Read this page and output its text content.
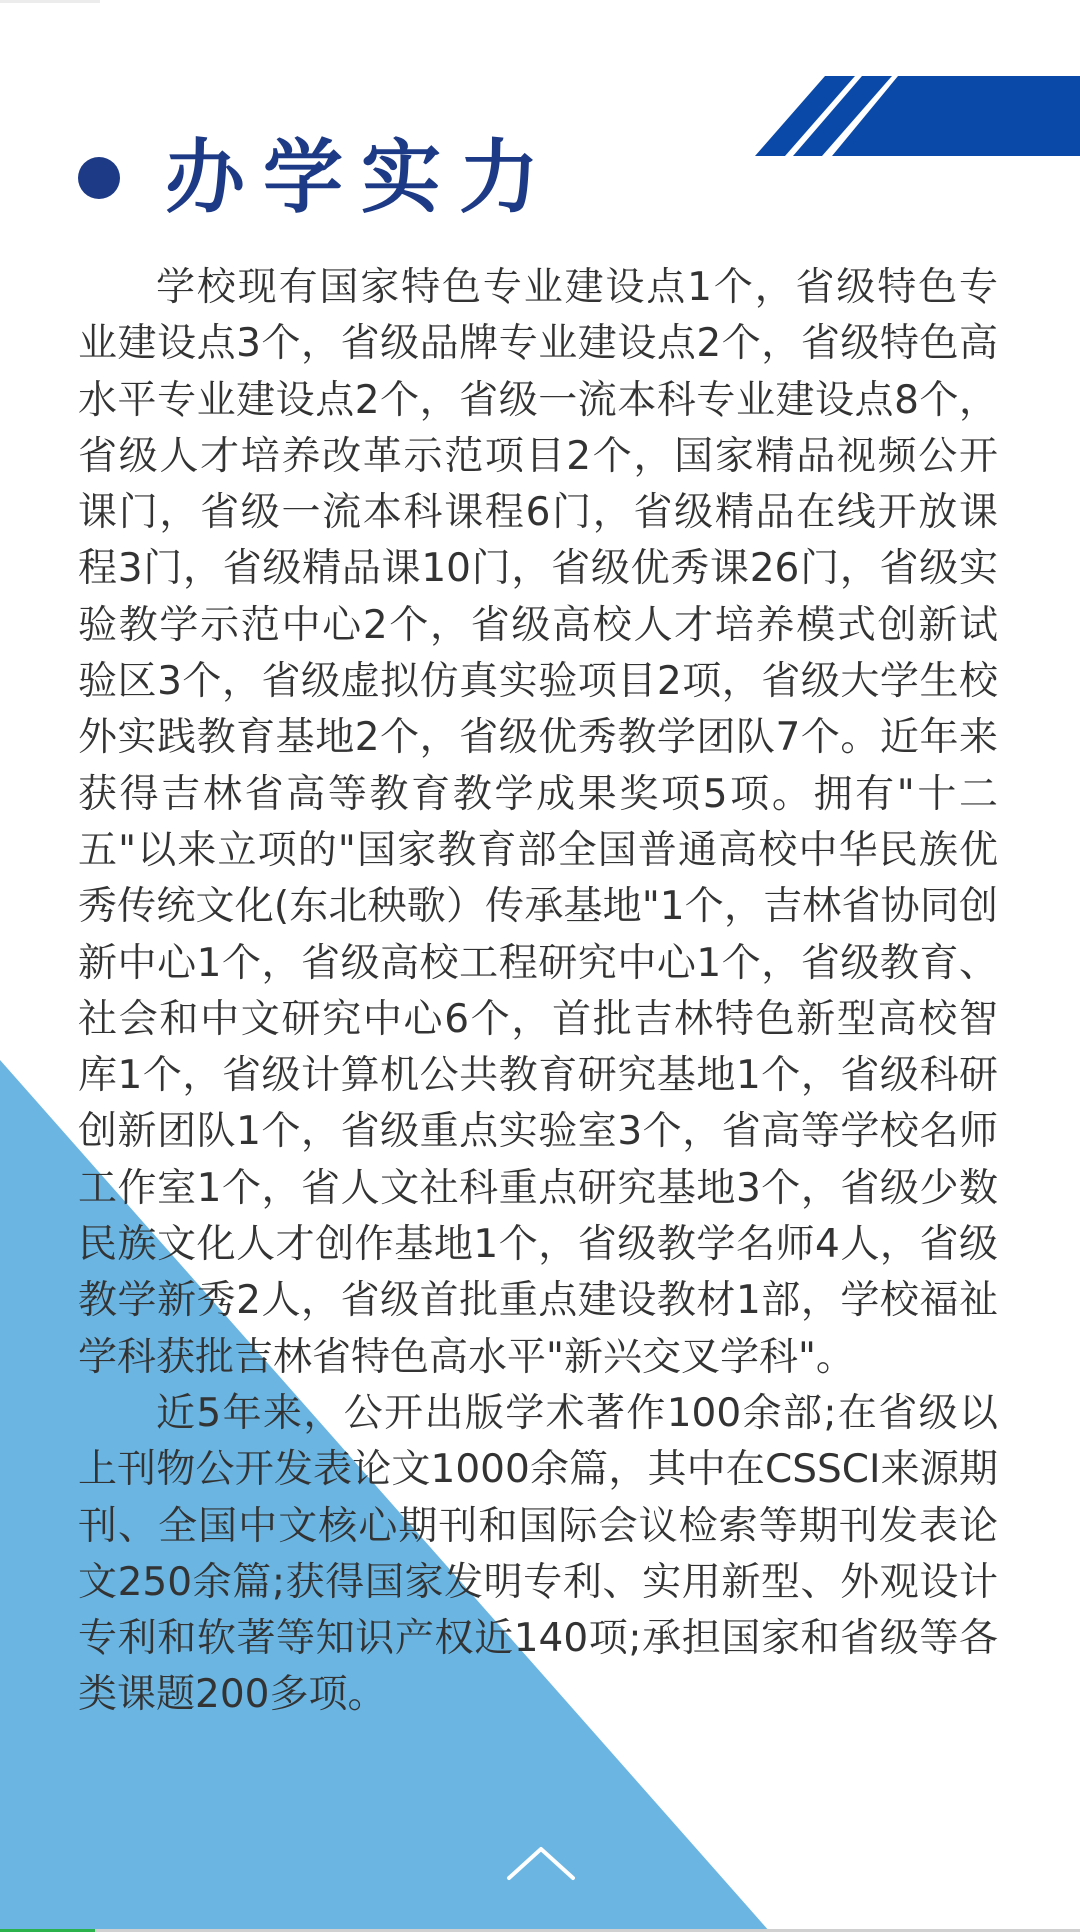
办学实力

学校现有国家特色专业建设点1个，省级特色专业建设点3个，省级品牌专业建设点2个，省级特色高水平专业建设点2个，省级一流本科专业建设点8个，省级人才培养改革示范项目2个，国家精品视频公开课门，省级一流本科课程6门，省级精品在线开放课程3门，省级精品课10门，省级优秀课26门，省级实验教学示范中心2个，省级高校人才培养模式创新试验区3个，省级虚拟仿真实验项目2项，省级大学生校外实践教育基地2个，省级优秀教学团队7个。近年来获得吉林省高等教育教学成果奖项5项。拥有"十二五"以来立项的"国家教育部全国普通高校中华民族优秀传统文化(东北秧歌）传承基地"1个，吉林省协同创新中心1个，省级高校工程研究中心1个，省级教育、社会和中文研究中心6个，首批吉林特色新型高校智库1个，省级计算机公共教育研究基地1个，省级科研创新团队1个，省级重点实验室3个，省高等学校名师工作室1个，省人文社科重点研究基地3个，省级少数民族文化人才创作基地1个，省级教学名师4人，省级教学新秀2人，省级首批重点建设教材1部，学校福祉学科获批吉林省特色高水平"新兴交叉学科"。

近5年来，公开出版学术著作100余部;在省级以上刊物公开发表论文1000余篇，其中在CSSCI来源期刊、全国中文核心期刊和国际会议检索等期刊发表论文250余篇;获得国家发明专利、实用新型、外观设计专利和软著等知识产权近140项;承担国家和省级等各类课题200多项。
